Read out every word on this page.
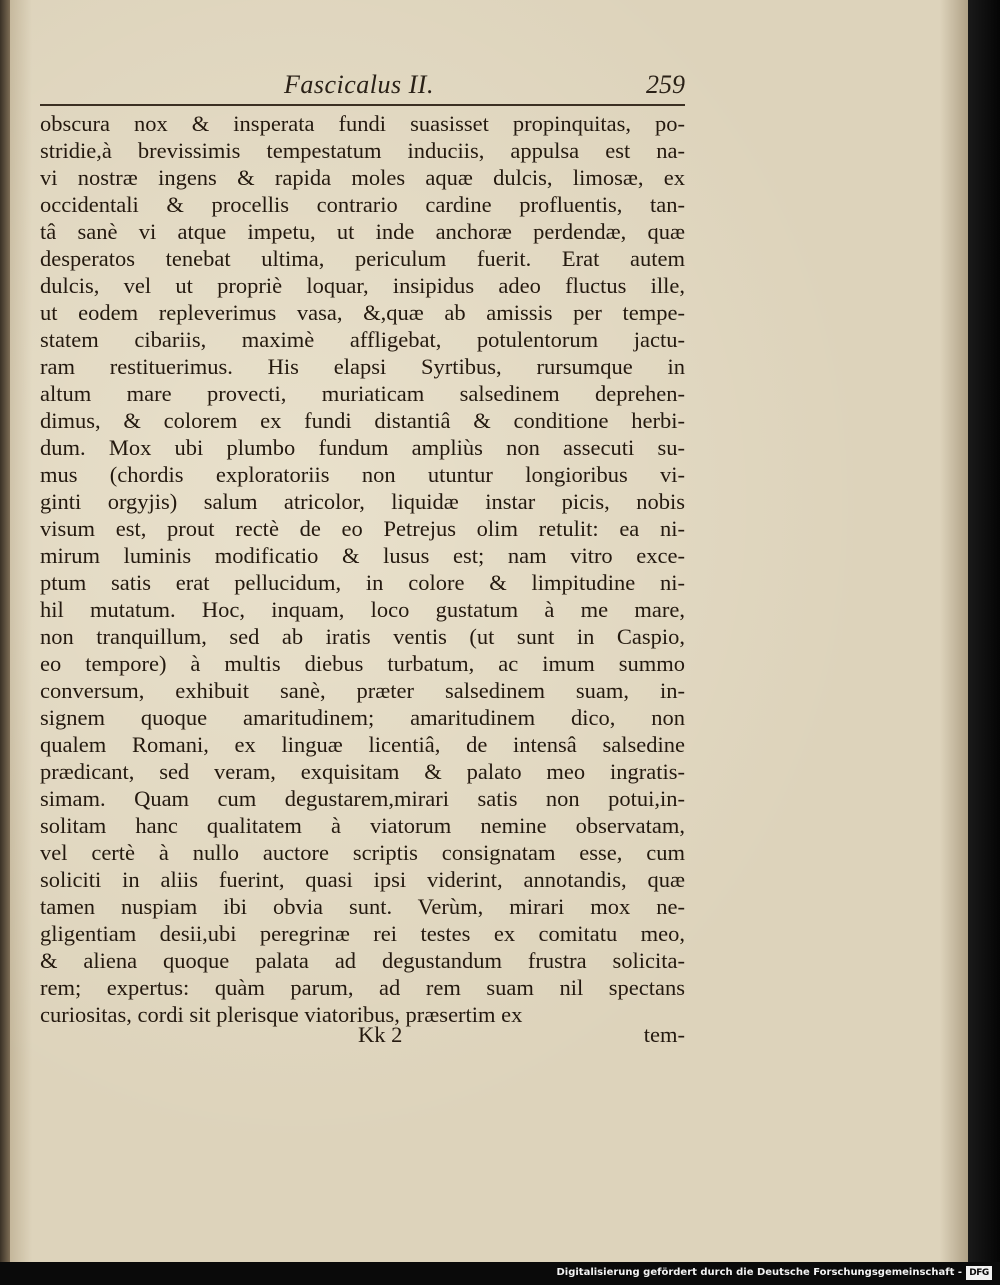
Fascicalus II.	259
obscura nox & insperata fundi suasisset propinquitas, po-
stridie,à brevissimis tempestatum induciis, appulsa est na-
vi nostræ ingens & rapida moles aquæ dulcis, limosæ, ex
occidentali & procellis contrario cardine profluentis, tan-
tâ sanè vi atque impetu, ut inde anchoræ perdendæ, quæ
desperatos tenebat ultima, periculum fuerit. Erat autem
dulcis, vel ut propriè loquar, insipidus adeo fluctus ille,
ut eodem repleverimus vasa, &,quæ ab amissis per tempe-
statem cibariis, maximè affligebat, potulentorum jactu-
ram restituerimus. His elapsi Syrtibus, rursumque in
altum mare provecti, muriaticam salsedinem deprehen-
dimus, & colorem ex fundi distantiâ & conditione herbi-
dum. Mox ubi plumbo fundum ampliùs non assecuti su-
mus (chordis exploratoriis non utuntur longioribus vi-
ginti orgyjis) salum atricolor, liquidæ instar picis, nobis
visum est, prout rectè de eo Petrejus olim retulit: ea ni-
mirum luminis modificatio & lusus est; nam vitro exce-
ptum satis erat pellucidum, in colore & limpitudine ni-
hil mutatum. Hoc, inquam, loco gustatum à me mare,
non tranquillum, sed ab iratis ventis (ut sunt in Caspio,
eo tempore) à multis diebus turbatum, ac imum summo
conversum, exhibuit sanè, præter salsedinem suam, in-
signem quoque amaritudinem; amaritudinem dico, non
qualem Romani, ex linguæ licentiâ, de intensâ salsedine
prædicant, sed veram, exquisitam & palato meo ingratis-
simam. Quam cum degustarem,mirari satis non potui,in-
solitam hanc qualitatem à viatorum nemine observatam,
vel certè à nullo auctore scriptis consignatam esse, cum
soliciti in aliis fuerint, quasi ipsi viderint, annotandis, quæ
tamen nuspiam ibi obvia sunt. Verùm, mirari mox ne-
gligentiam desii,ubi peregrinæ rei testes ex comitatu meo,
& aliena quoque palata ad degustandum frustra solicita-
rem; expertus: quàm parum, ad rem suam nil spectans
curiositas, cordi sit plerisque viatoribus, præsertim ex
Kk 2	tem-
Digitalisierung gefördert durch die Deutsche Forschungsgemeinschaft - DFG
